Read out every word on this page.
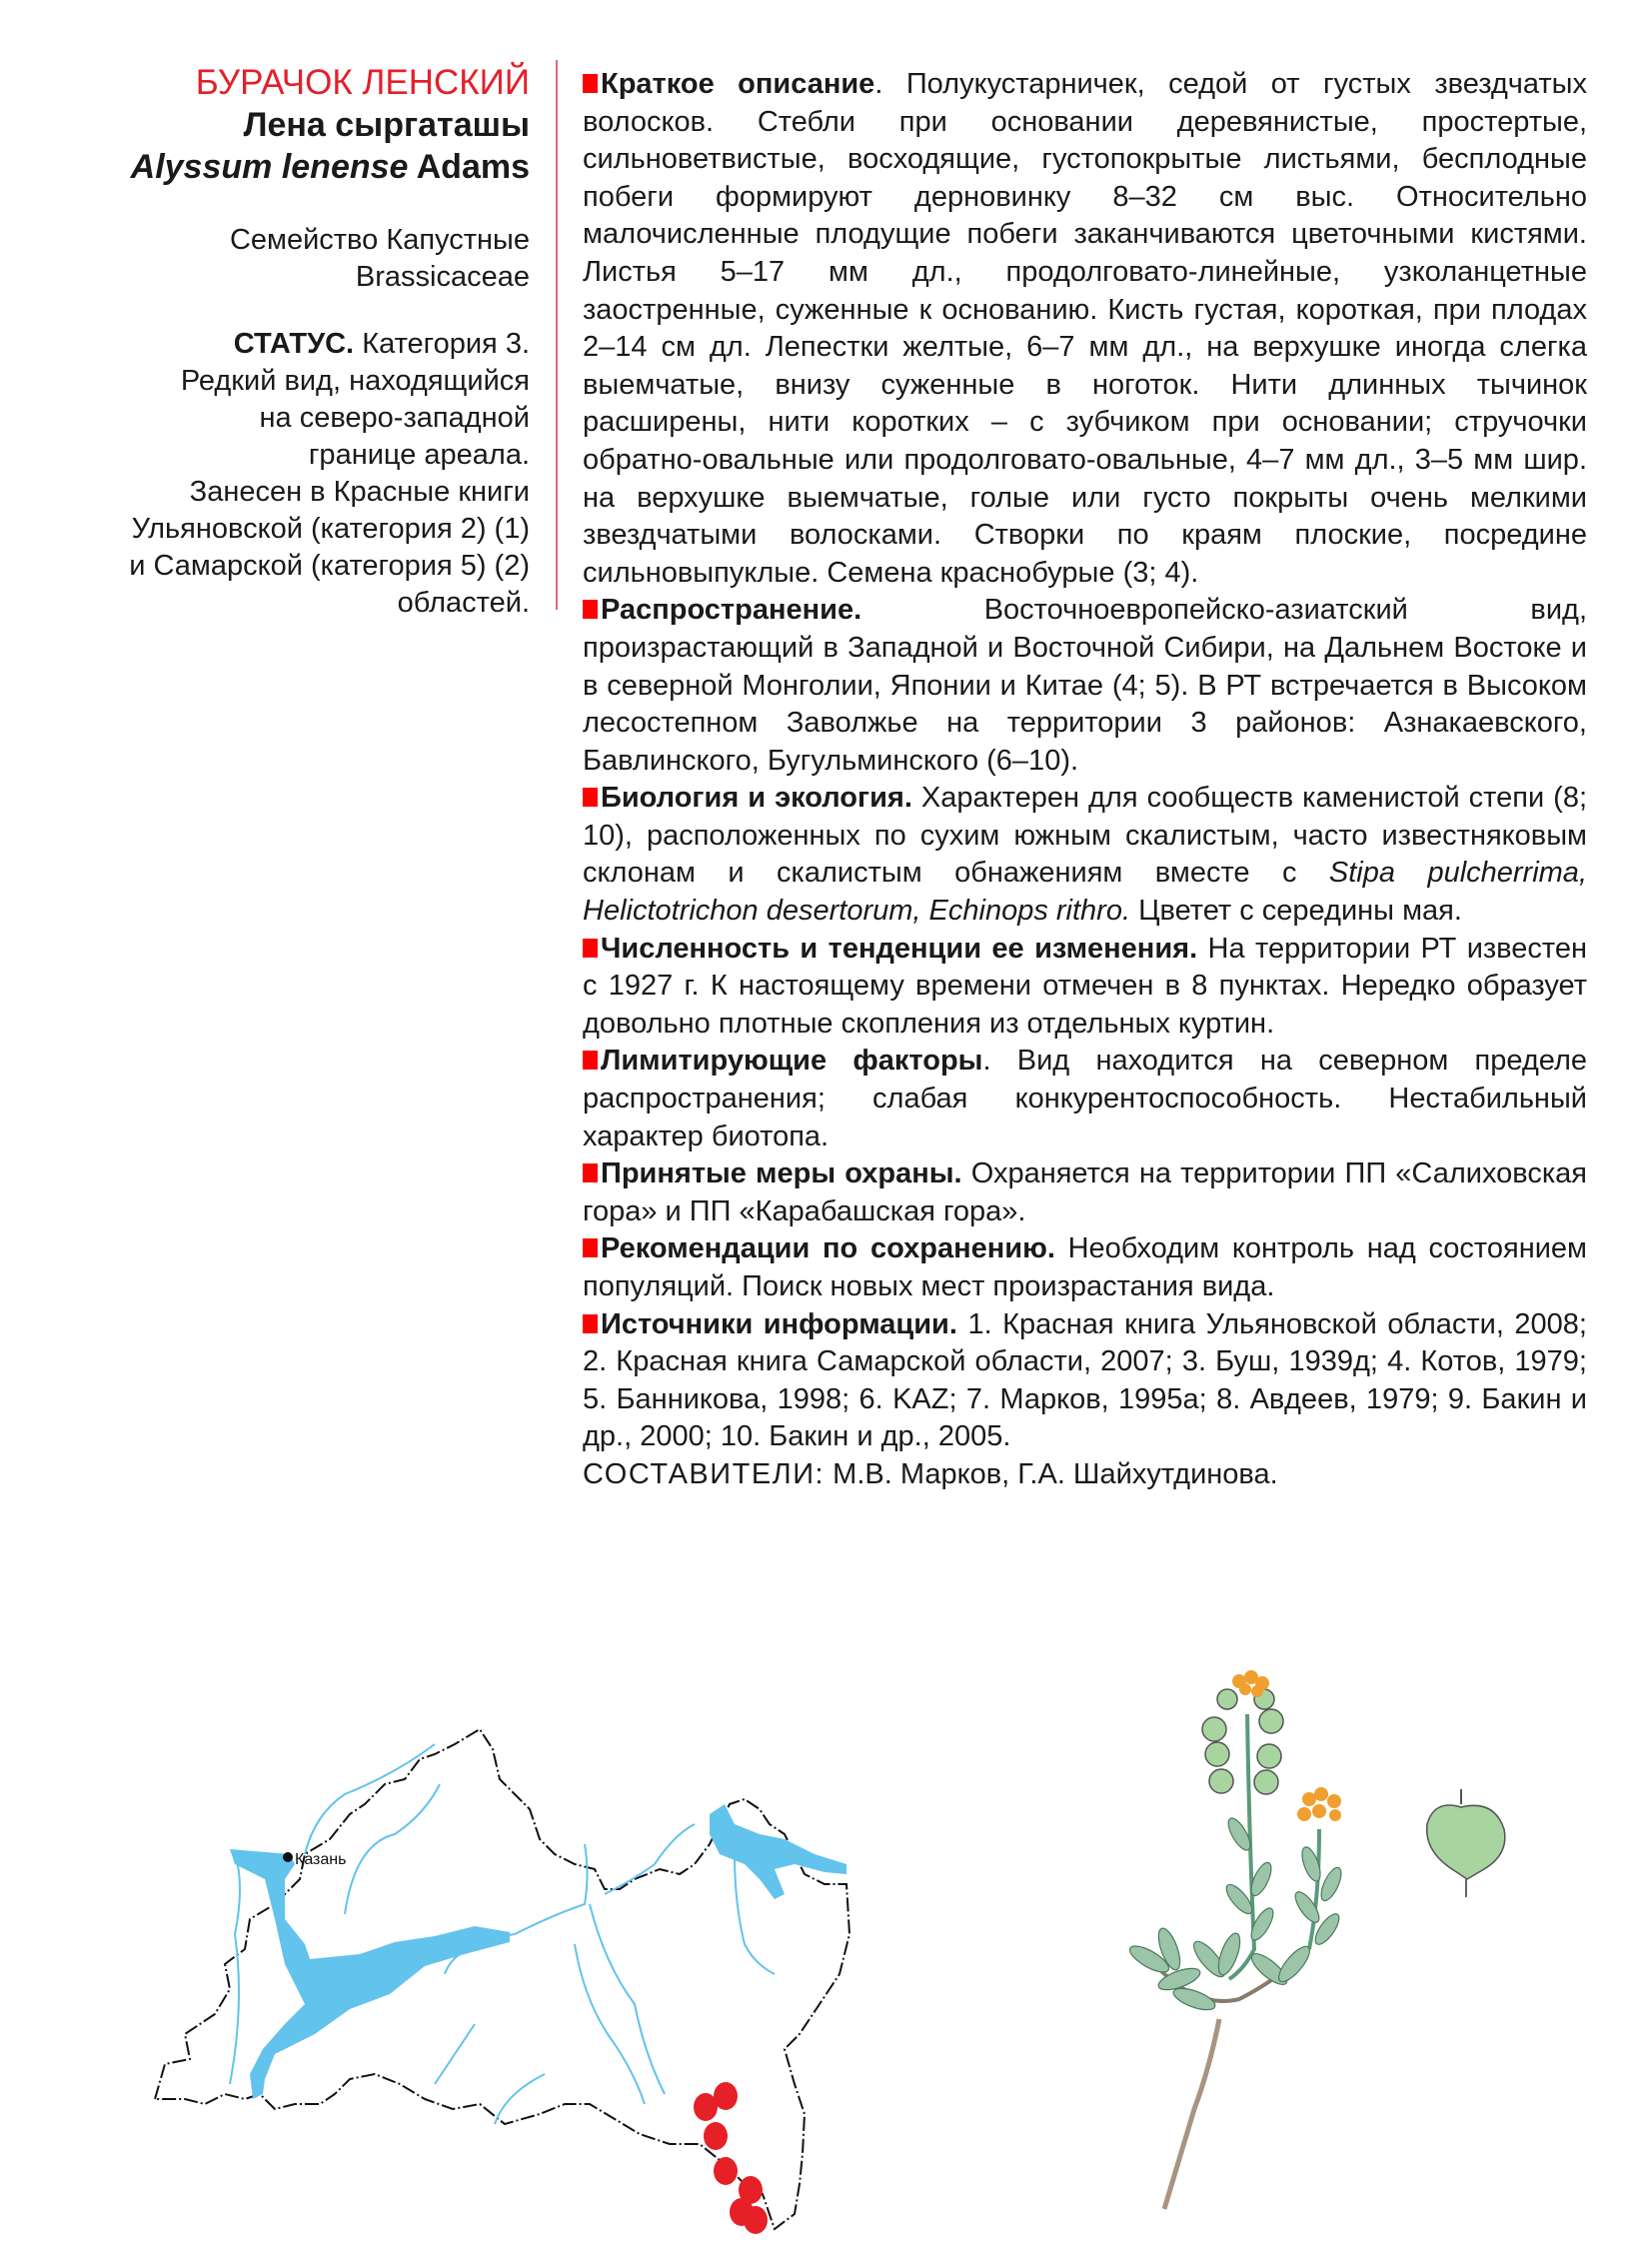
БУРАЧОК ЛЕНСКИЙ

Лена сыргаташы

Alyssum lenense Adams

Семейство Капустные
Brassicaceae
СТАТУС. Категория 3.
Редкий вид, находящийся
на северо-западной
границе ареала.
Занесен в Красные книги
Ульяновской (категория 2) (1)
и Самарской (категория 5) (2)
областей.

Краткое описание. Полукустарничек, седой от густых звездчатых волосков. Стебли при основании деревянистые, простертые, сильноветвистые, восходящие, густопокрытые листьями, бесплодные побеги формируют дерновинку 8–32 см выс. Относительно малочисленные плодущие побеги заканчиваются цветочными кистями. Листья 5–17 мм дл., продолговато-линейные, узколанцетные заостренные, суженные к основанию. Кисть густая, короткая, при плодах 2–14 см дл. Лепестки желтые, 6–7 мм дл., на верхушке иногда слегка выемчатые, внизу суженные в ноготок. Нити длинных тычинок расширены, нити коротких – с зубчиком при основании; стручочки обратно-овальные или продолговато-овальные, 4–7 мм дл., 3–5 мм шир. на верхушке выемчатые, голые или густо покрыты очень мелкими звездчатыми волосками. Створки по краям плоские, посредине сильновыпуклые. Семена краснобурые (3; 4).

Распространение. Восточноевропейско-азиатский вид, произрастающий в Западной и Восточной Сибири, на Дальнем Востоке и в северной Монголии, Японии и Китае (4; 5). В РТ встречается в Высоком лесостепном Заволжье на территории 3 районов: Азнакаевского, Бавлинского, Бугульминского (6–10).

Биология и экология. Характерен для сообществ каменистой степи (8; 10), расположенных по сухим южным скалистым, часто известняковым склонам и скалистым обнажениям вместе с Stipa pulcherrima, Helictotrichon desertorum, Echinops rithro. Цветет с середины мая.

Численность и тенденции ее изменения. На территории РТ известен с 1927 г. К настоящему времени отмечен в 8 пунктах. Нередко образует довольно плотные скопления из отдельных куртин.

Лимитирующие факторы. Вид находится на северном пределе распространения; слабая конкурентоспособность. Нестабильный характер биотопа.

Принятые меры охраны. Охраняется на территории ПП «Салиховская гора» и ПП «Карабашская гора».

Рекомендации по сохранению. Необходим контроль над состоянием популяций. Поиск новых мест произрастания вида.

Источники информации. 1. Красная книга Ульяновской области, 2008; 2. Красная книга Самарской области, 2007; 3. Буш, 1939д; 4. Котов, 1979; 5. Банникова, 1998; 6. KAZ; 7. Марков, 1995а; 8. Авдеев, 1979; 9. Бакин и др., 2000; 10. Бакин и др., 2005.

СОСТАВИТЕЛИ: М.В. Марков, Г.А. Шайхутдинова.

Казань
